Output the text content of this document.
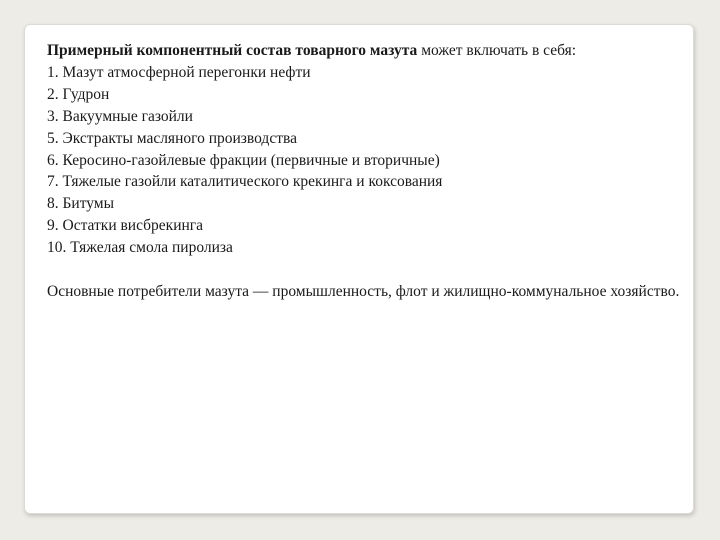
Примерный компонентный состав товарного мазута может включать в себя:

1. Мазут атмосферной перегонки нефти
2. Гудрон
3. Вакуумные газойли
5. Экстракты масляного производства
6. Керосино-газойлевые фракции (первичные и вторичные)
7. Тяжелые газойли каталитического крекинга и коксования
8. Битумы
9. Остатки висбрекинга
10. Тяжелая смола пиролиза

Основные потребители мазута — промышленность, флот и жилищно-коммунальное хозяйство.
